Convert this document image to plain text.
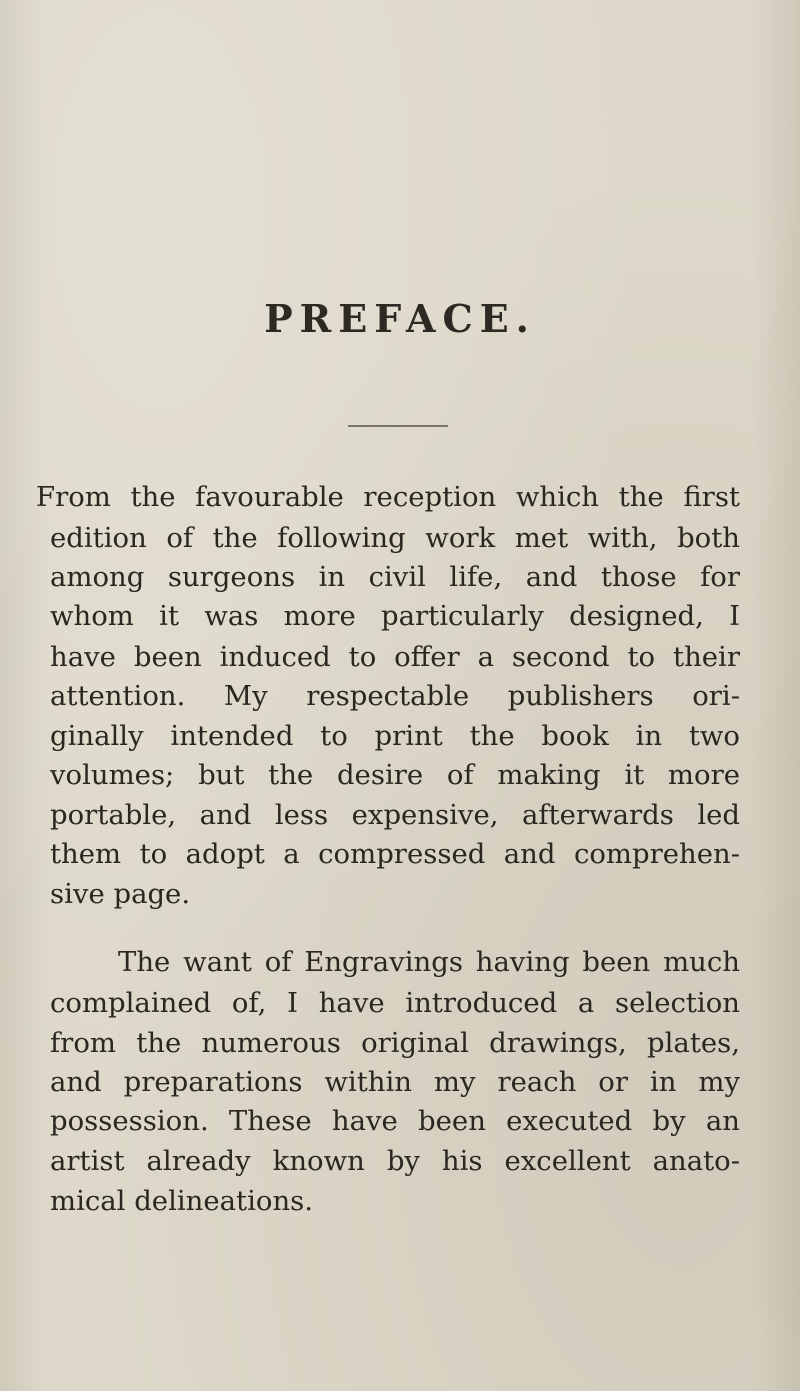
PREFACE.
From the favourable reception which the first
edition of the following work met with, both
among surgeons in civil life, and those for
whom it was more particularly designed, I
have been induced to offer a second to their
attention. My respectable publishers ori-
ginally intended to print the book in two
volumes; but the desire of making it more
portable, and less expensive, afterwards led
them to adopt a compressed and comprehen-
sive page.
The want of Engravings having been much
complained of, I have introduced a selection
from the numerous original drawings, plates,
and preparations within my reach or in my
possession. These have been executed by an
artist already known by his excellent anato-
mical delineations.
